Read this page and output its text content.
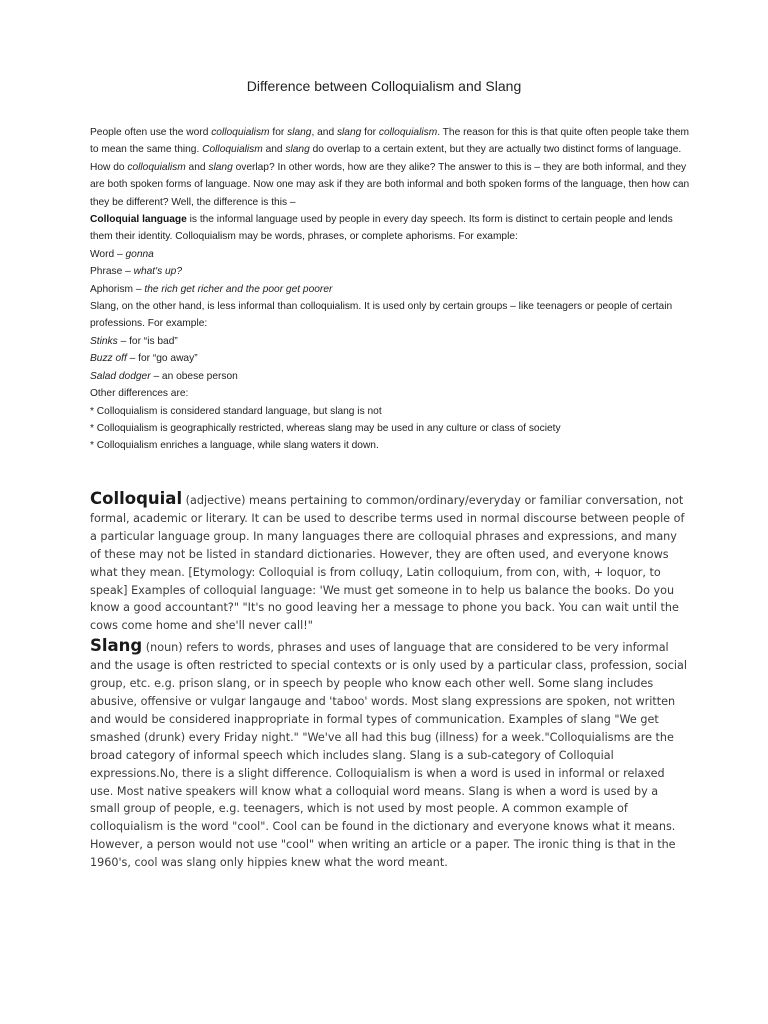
Difference between Colloquialism and Slang

People often use the word colloquialism for slang, and slang for colloquialism. The reason for this is that quite often people take them to mean the same thing. Colloquialism and slang do overlap to a certain extent, but they are actually two distinct forms of language.

How do colloquialism and slang overlap? In other words, how are they alike? The answer to this is – they are both informal, and they are both spoken forms of language. Now one may ask if they are both informal and both spoken forms of the language, then how can they be different? Well, the difference is this –

Colloquial language is the informal language used by people in every day speech. Its form is distinct to certain people and lends them their identity. Colloquialism may be words, phrases, or complete aphorisms. For example:

Word – gonna

Phrase – what's up?

Aphorism – the rich get richer and the poor get poorer

Slang, on the other hand, is less informal than colloquialism. It is used only by certain groups – like teenagers or people of certain professions. For example:

Stinks – for “is bad”

Buzz off – for “go away”

Salad dodger – an obese person

Other differences are:

* Colloquialism is considered standard language, but slang is not

* Colloquialism is geographically restricted, whereas slang may be used in any culture or class of society

* Colloquialism enriches a language, while slang waters it down.

Colloquial (adjective) means pertaining to common/ordinary/everyday or familiar conversation, not formal, academic or literary. It can be used to describe terms used in normal discourse between people of a particular language group. In many languages there are colloquial phrases and expressions, and many of these may not be listed in standard dictionaries. However, they are often used, and everyone knows what they mean. [Etymology: Colloquial is from colluqy, Latin colloquium, from con, with, + loquor, to speak] Examples of colloquial language: 'We must get someone in to help us balance the books. Do you know a good accountant?" "It's no good leaving her a message to phone you back. You can wait until the cows come home and she'll never call!"

Slang (noun) refers to words, phrases and uses of language that are considered to be very informal and the usage is often restricted to special contexts or is only used by a particular class, profession, social group, etc. e.g. prison slang, or in speech by people who know each other well. Some slang includes abusive, offensive or vulgar langauge and 'taboo' words. Most slang expressions are spoken, not written and would be considered inappropriate in formal types of communication. Examples of slang "We get smashed (drunk) every Friday night." "We've all had this bug (illness) for a week."Colloquialisms are the broad category of informal speech which includes slang. Slang is a sub-category of Colloquial expressions.No, there is a slight difference. Colloquialism is when a word is used in informal or relaxed use. Most native speakers will know what a colloquial word means. Slang is when a word is used by a small group of people, e.g. teenagers, which is not used by most people. A common example of colloquialism is the word "cool". Cool can be found in the dictionary and everyone knows what it means. However, a person would not use "cool" when writing an article or a paper. The ironic thing is that in the 1960's, cool was slang only hippies knew what the word meant.
